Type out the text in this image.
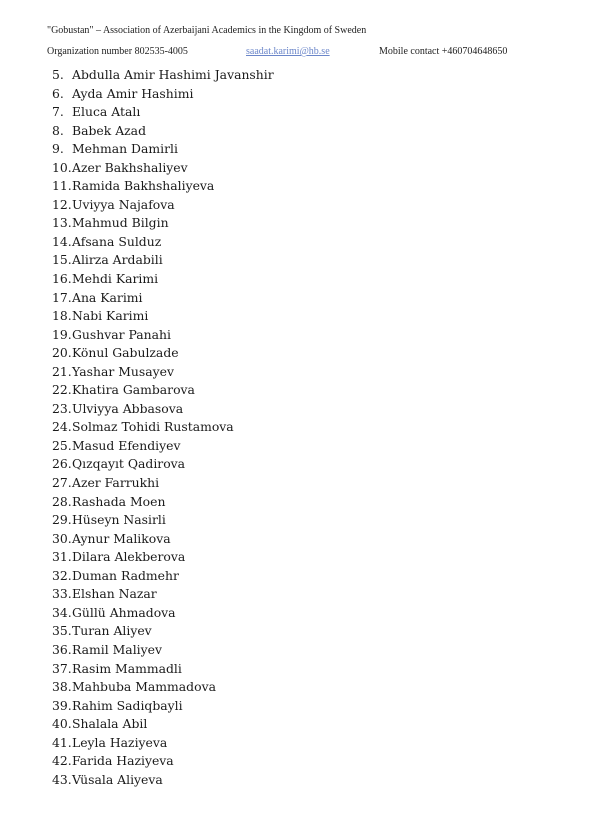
"Gobustan" – Association of Azerbaijani Academics in the Kingdom of Sweden
Organization number 802535-4005	saadat.karimi@hb.se	Mobile contact +460704648650
5. Abdulla Amir Hashimi Javanshir
6. Ayda Amir Hashimi
7. Eluca Atalı
8. Babek Azad
9. Mehman Damirli
10. Azer Bakhshaliyev
11. Ramida Bakhshaliyeva
12. Uviyya Najafova
13. Mahmud Bilgin
14. Afsana Sulduz
15. Alirza Ardabili
16. Mehdi Karimi
17. Ana Karimi
18. Nabi Karimi
19. Gushvar Panahi
20. Könul Gabulzade
21. Yashar Musayev
22. Khatira Gambarova
23. Ulviyya Abbasova
24. Solmaz Tohidi Rustamova
25. Masud Efendiyev
26. Qızqayıt Qadirova
27. Azer Farrukhi
28. Rashada Moen
29. Hüseyn Nasirli
30. Aynur Malikova
31. Dilara Alekberova
32. Duman Radmehr
33. Elshan Nazar
34. Güllü Ahmadova
35. Turan Aliyev
36. Ramil Maliyev
37. Rasim Mammadli
38. Mahbuba Mammadova
39. Rahim Sadiqbayli
40. Shalala Abil
41. Leyla Haziyeva
42. Farida Haziyeva
43. Vüsala Aliyeva
